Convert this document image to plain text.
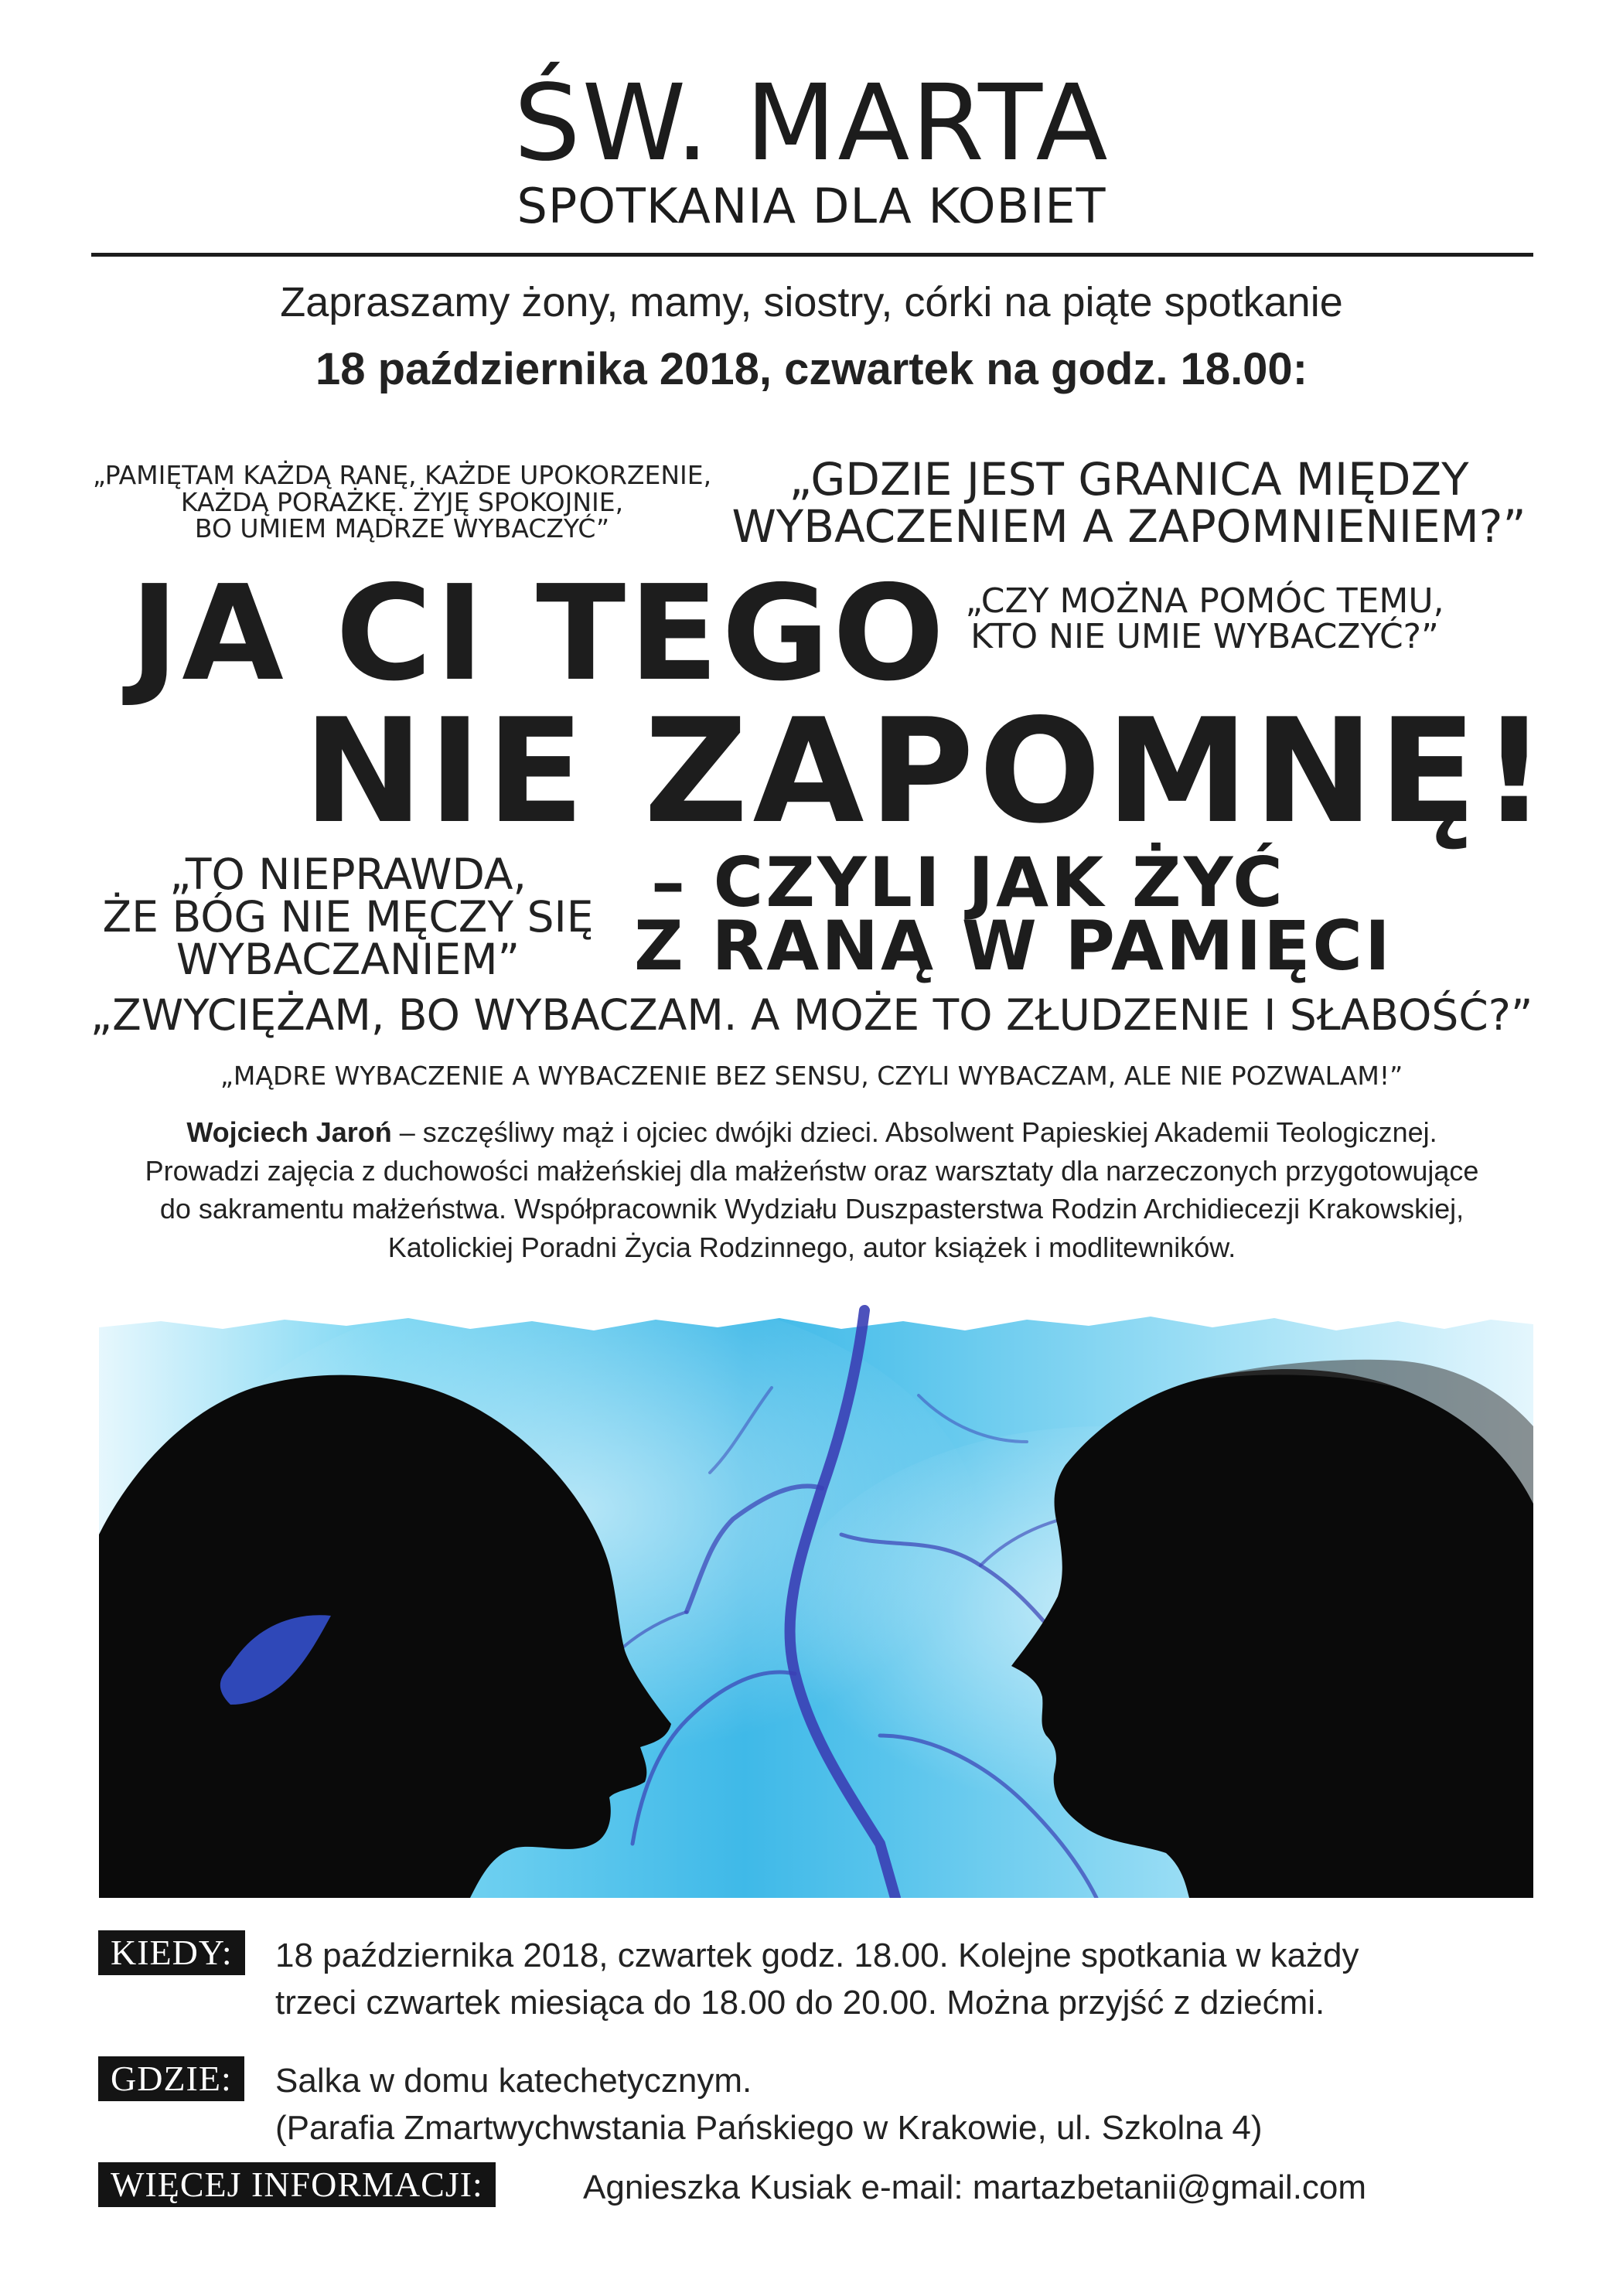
ŚW. MARTA
SPOTKANIA DLA KOBIET
Zapraszamy żony, mamy, siostry, córki na piąte spotkanie
18 października 2018, czwartek na godz. 18.00:
„PAMIĘTAM KAŻDĄ RANĘ, KAŻDE UPOKORZENIE,
KAŻDĄ PORAŻKĘ. ŻYJĘ SPOKOJNIE,
BO UMIEM MĄDRZE WYBACZYĆ”
„GDZIE JEST GRANICA MIĘDZY
WYBACZENIEM A ZAPOMNIENIEM?”
„CZY MOŻNA POMÓC TEMU,
KTO NIE UMIE WYBACZYĆ?”
„TO NIEPRAWDA,
ŻE BÓG NIE MĘCZY SIĘ
WYBACZANIEM”
„ZWYCIĘŻAM, BO WYBACZAM. A MOŻE TO ZŁUDZENIE I SŁABOŚĆ?”
„MĄDRE WYBACZENIE A WYBACZENIE BEZ SENSU, CZYLI WYBACZAM, ALE NIE POZWALAM!”
JA CI TEGO
NIE ZAPOMNĘ!
– CZYLI JAK ŻYĆ
Z RANĄ W PAMIĘCI
Wojciech Jaroń – szczęśliwy mąż i ojciec dwójki dzieci. Absolwent Papieskiej Akademii Teologicznej.
Prowadzi zajęcia z duchowości małżeńskiej dla małżeństw oraz warsztaty dla narzeczonych przygotowujące
do sakramentu małżeństwa. Współpracownik Wydziału Duszpasterstwa Rodzin Archidiecezji Krakowskiej,
Katolickiej Poradni Życia Rodzinnego, autor książek i modlitewników.
KIEDY:	18 października 2018, czwartek godz. 18.00. Kolejne spotkania w każdy
trzeci czwartek miesiąca do 18.00 do 20.00. Można przyjść z dziećmi.
GDZIE:	Salka w domu katechetycznym.
(Parafia Zmartwychwstania Pańskiego w Krakowie, ul. Szkolna 4)
WIĘCEJ INFORMACJI:	Agnieszka Kusiak e-mail: martazbetanii@gmail.com
